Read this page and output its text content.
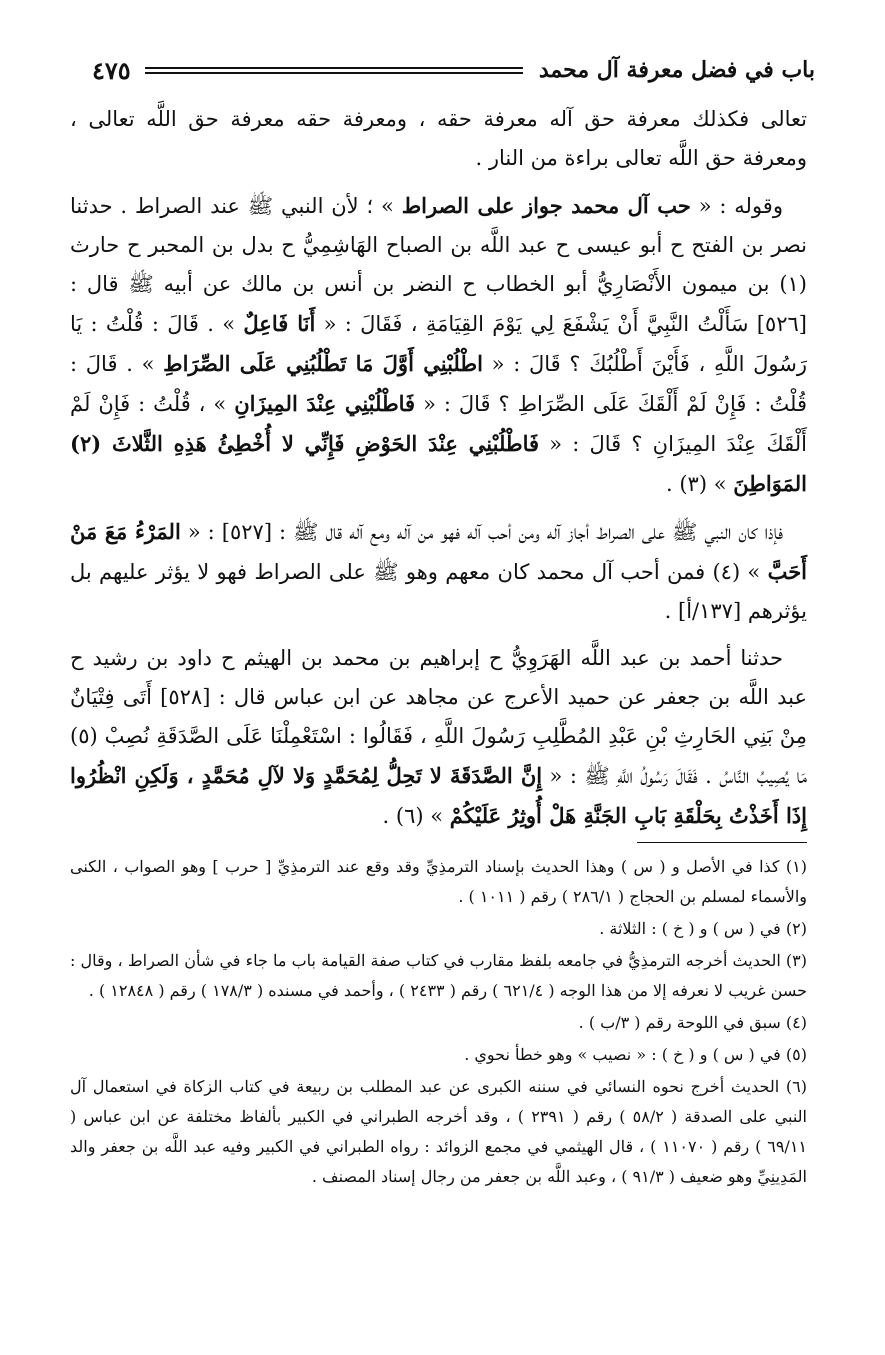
باب في فضل معرفة آل محمد
٤٧٥

تعالى فكذلك معرفة حق آله معرفة حقه ، ومعرفة حقه معرفة حق اللَّه تعالى ، ومعرفة حق اللَّه تعالى براءة من النار .

وقوله : « حب آل محمد جواز على الصراط » ؛ لأن النبي ﷺ عند الصراط . حدثنا نصر بن الفتح ح أبو عيسى ح عبد اللَّه بن الصباح الهَاشِمِيُّ ح بدل بن المحبر ح حارث (١) بن ميمون الأَنْصَارِيُّ أبو الخطاب ح النضر بن أنس بن مالك عن أبيه ﷺ قال : [٥٢٦] سَأَلْتُ النَّبِيَّ أَنْ يَشْفَعَ لِي يَوْمَ القِيَامَةِ ، فَقَالَ : « أَنَا فَاعِلٌ » . قَالَ : قُلْتُ : يَا رَسُولَ اللَّهِ ، فَأَيْنَ أَطْلُبُكَ ؟ قَالَ : « اطْلُبْنِي أَوَّلَ مَا تَطْلُبُنِي عَلَى الصِّرَاطِ » . قَالَ : قُلْتُ : فَإِنْ لَمْ أَلْقَكَ عَلَى الصِّرَاطِ ؟ قَالَ : « فَاطْلُبْنِي عِنْدَ المِيزَانِ » ، قُلْتُ : فَإِنْ لَمْ أَلْقَكَ عِنْدَ المِيزَانِ ؟ قَالَ : « فَاطْلُبْنِي عِنْدَ الحَوْضِ فَإِنِّي لا أُخْطِئُ هَذِهِ الثَّلاثَ (٢) المَوَاطِنَ » (٣) .

فإذا كان النبي ﷺ على الصراط أجاز آله ومن أحب آله فهو من آله ومع آله قال ﷺ : [٥٢٧] : « المَرْءُ مَعَ مَنْ أَحَبَّ » (٤) فمن أحب آل محمد كان معهم وهو ﷺ على الصراط فهو لا يؤثر عليهم بل يؤثرهم [١٣٧/أ] .

حدثنا أحمد بن عبد اللَّه الهَرَوِيُّ ح إبراهيم بن محمد بن الهيثم ح داود بن رشيد ح عبد اللَّه بن جعفر عن حميد الأعرج عن مجاهد عن ابن عباس قال : [٥٢٨] أَتَى فِتْيَانٌ مِنْ بَنِي الحَارِثِ بْنِ عَبْدِ المُطَّلِبِ رَسُولَ اللَّهِ ، فَقَالُوا : اسْتَعْمِلْنَا عَلَى الصَّدَقَةِ نُصِبْ (٥) مَا يُصِيبُ النَّاسُ . فَقَالَ رَسُولُ اللَّهِ ﷺ : « إِنَّ الصَّدَقَةَ لا تَحِلُّ لِمُحَمَّدٍ وَلا لآلِ مُحَمَّدٍ ، وَلَكِنِ انْظُرُوا إِذَا أَخَذْتُ بِحَلْقَةِ بَابِ الجَنَّةِ هَلْ أُوثِرُ عَلَيْكُمْ » (٦) .

(١) كذا في الأصل و ( س ) وهذا الحديث بإسناد الترمذِيِّ وقد وقع عند الترمذِيِّ [ حرب ] وهو الصواب ، الكنى والأسماء لمسلم بن الحجاج ( ٢٨٦/١ ) رقم ( ١٠١١ ) .
(٢) في ( س ) و ( خ ) : الثلاثة .
(٣) الحديث أخرجه الترمذِيُّ في جامعه بلفظ مقارب في كتاب صفة القيامة باب ما جاء في شأن الصراط ، وقال : حسن غريب لا نعرفه إلا من هذا الوجه ( ٦٢١/٤ ) رقم ( ٢٤٣٣ ) ، وأحمد في مسنده ( ١٧٨/٣ ) رقم ( ١٢٨٤٨ ) .
(٤) سبق في اللوحة رقم ( ٣/ب ) .
(٥) في ( س ) و ( خ ) : « نصيب » وهو خطأ نحوي .
(٦) الحديث أخرج نحوه النسائي في سننه الكبرى عن عبد المطلب بن ربيعة في كتاب الزكاة في استعمال آل النبي على الصدقة ( ٥٨/٢ ) رقم ( ٢٣٩١ ) ، وقد أخرجه الطبراني في الكبير بألفاظ مختلفة عن ابن عباس ( ٦٩/١١ ) رقم ( ١١٠٧٠ ) ، قال الهيثمي في مجمع الزوائد : رواه الطبراني في الكبير وفيه عبد اللَّه بن جعفر والد المَدِينِيِّ وهو ضعيف ( ٩١/٣ ) ، وعبد اللَّه بن جعفر من رجال إسناد المصنف .
